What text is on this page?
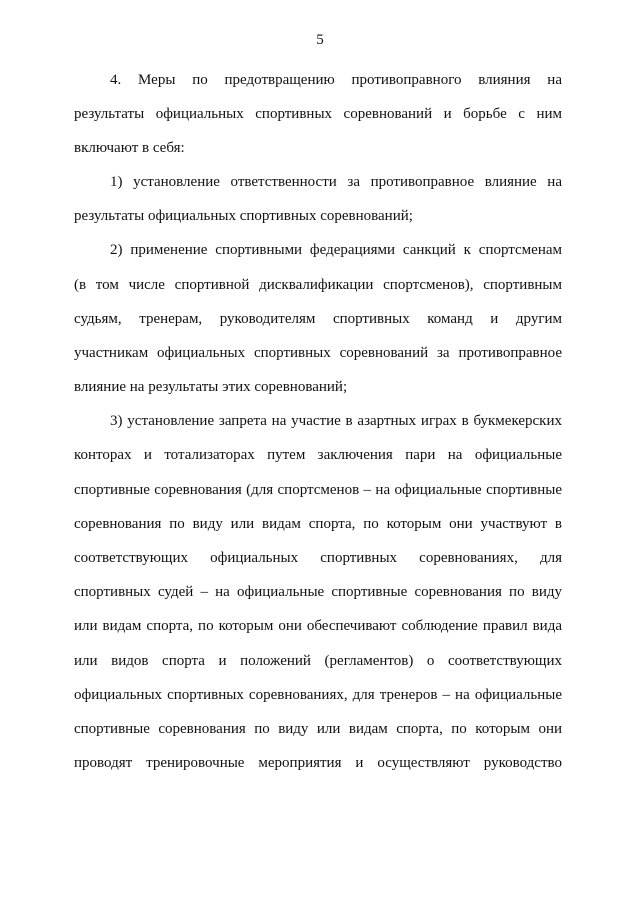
5
4. Меры по предотвращению противоправного влияния на
результаты официальных спортивных соревнований и борьбе с ним
включают в себя:
1) установление ответственности за противоправное влияние на
результаты официальных спортивных соревнований;
2) применение спортивными федерациями санкций к спортсменам
(в том числе спортивной дисквалификации спортсменов), спортивным
судьям, тренерам, руководителям спортивных команд и другим
участникам официальных спортивных соревнований за противоправное
влияние на результаты этих соревнований;
3) установление запрета на участие в азартных играх в букмекерских
конторах и тотализаторах путем заключения пари на официальные
спортивные соревнования (для спортсменов – на официальные спортивные
соревнования по виду или видам спорта, по которым они участвуют в
соответствующих официальных спортивных соревнованиях, для
спортивных судей – на официальные спортивные соревнования по виду
или видам спорта, по которым они обеспечивают соблюдение правил вида
или видов спорта и положений (регламентов) о соответствующих
официальных спортивных соревнованиях, для тренеров – на официальные
спортивные соревнования по виду или видам спорта, по которым они
проводят тренировочные мероприятия и осуществляют руководство
